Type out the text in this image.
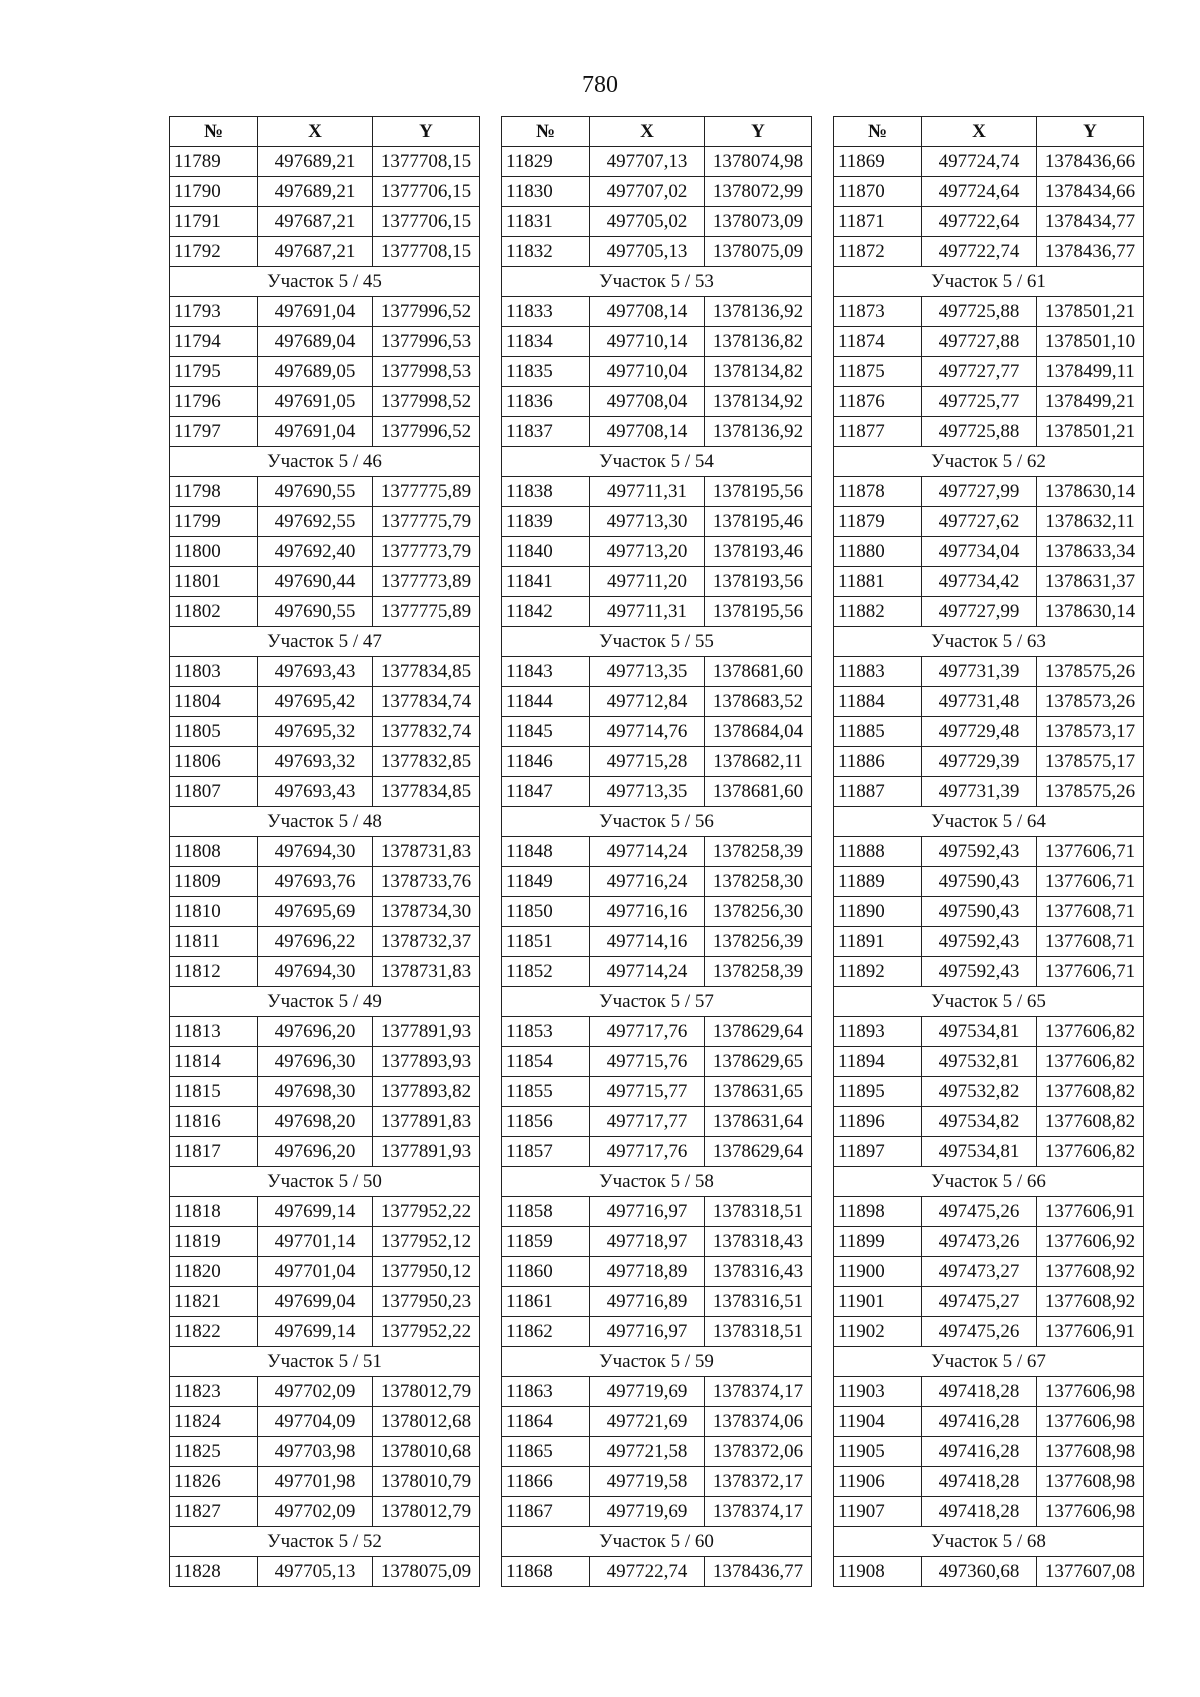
780
№	X	Y
11789	497689,21	1377708,15
11790	497689,21	1377706,15
11791	497687,21	1377706,15
11792	497687,21	1377708,15
Участок 5 / 45		
11793	497691,04	1377996,52
11794	497689,04	1377996,53
11795	497689,05	1377998,53
11796	497691,05	1377998,52
11797	497691,04	1377996,52
Участок 5 / 46		
11798	497690,55	1377775,89
11799	497692,55	1377775,79
11800	497692,40	1377773,79
11801	497690,44	1377773,89
11802	497690,55	1377775,89
Участок 5 / 47		
11803	497693,43	1377834,85
11804	497695,42	1377834,74
11805	497695,32	1377832,74
11806	497693,32	1377832,85
11807	497693,43	1377834,85
Участок 5 / 48		
11808	497694,30	1378731,83
11809	497693,76	1378733,76
11810	497695,69	1378734,30
11811	497696,22	1378732,37
11812	497694,30	1378731,83
Участок 5 / 49		
11813	497696,20	1377891,93
11814	497696,30	1377893,93
11815	497698,30	1377893,82
11816	497698,20	1377891,83
11817	497696,20	1377891,93
Участок 5 / 50		
11818	497699,14	1377952,22
11819	497701,14	1377952,12
11820	497701,04	1377950,12
11821	497699,04	1377950,23
11822	497699,14	1377952,22
Участок 5 / 51		
11823	497702,09	1378012,79
11824	497704,09	1378012,68
11825	497703,98	1378010,68
11826	497701,98	1378010,79
11827	497702,09	1378012,79
Участок 5 / 52		
11828	497705,13	1378075,09
№	X	Y
11829	497707,13	1378074,98
11830	497707,02	1378072,99
11831	497705,02	1378073,09
11832	497705,13	1378075,09
Участок 5 / 53		
11833	497708,14	1378136,92
11834	497710,14	1378136,82
11835	497710,04	1378134,82
11836	497708,04	1378134,92
11837	497708,14	1378136,92
Участок 5 / 54		
11838	497711,31	1378195,56
11839	497713,30	1378195,46
11840	497713,20	1378193,46
11841	497711,20	1378193,56
11842	497711,31	1378195,56
Участок 5 / 55		
11843	497713,35	1378681,60
11844	497712,84	1378683,52
11845	497714,76	1378684,04
11846	497715,28	1378682,11
11847	497713,35	1378681,60
Участок 5 / 56		
11848	497714,24	1378258,39
11849	497716,24	1378258,30
11850	497716,16	1378256,30
11851	497714,16	1378256,39
11852	497714,24	1378258,39
Участок 5 / 57		
11853	497717,76	1378629,64
11854	497715,76	1378629,65
11855	497715,77	1378631,65
11856	497717,77	1378631,64
11857	497717,76	1378629,64
Участок 5 / 58		
11858	497716,97	1378318,51
11859	497718,97	1378318,43
11860	497718,89	1378316,43
11861	497716,89	1378316,51
11862	497716,97	1378318,51
Участок 5 / 59		
11863	497719,69	1378374,17
11864	497721,69	1378374,06
11865	497721,58	1378372,06
11866	497719,58	1378372,17
11867	497719,69	1378374,17
Участок 5 / 60		
11868	497722,74	1378436,77
№	X	Y
11869	497724,74	1378436,66
11870	497724,64	1378434,66
11871	497722,64	1378434,77
11872	497722,74	1378436,77
Участок 5 / 61		
11873	497725,88	1378501,21
11874	497727,88	1378501,10
11875	497727,77	1378499,11
11876	497725,77	1378499,21
11877	497725,88	1378501,21
Участок 5 / 62		
11878	497727,99	1378630,14
11879	497727,62	1378632,11
11880	497734,04	1378633,34
11881	497734,42	1378631,37
11882	497727,99	1378630,14
Участок 5 / 63		
11883	497731,39	1378575,26
11884	497731,48	1378573,26
11885	497729,48	1378573,17
11886	497729,39	1378575,17
11887	497731,39	1378575,26
Участок 5 / 64		
11888	497592,43	1377606,71
11889	497590,43	1377606,71
11890	497590,43	1377608,71
11891	497592,43	1377608,71
11892	497592,43	1377606,71
Участок 5 / 65		
11893	497534,81	1377606,82
11894	497532,81	1377606,82
11895	497532,82	1377608,82
11896	497534,82	1377608,82
11897	497534,81	1377606,82
Участок 5 / 66		
11898	497475,26	1377606,91
11899	497473,26	1377606,92
11900	497473,27	1377608,92
11901	497475,27	1377608,92
11902	497475,26	1377606,91
Участок 5 / 67		
11903	497418,28	1377606,98
11904	497416,28	1377606,98
11905	497416,28	1377608,98
11906	497418,28	1377608,98
11907	497418,28	1377606,98
Участок 5 / 68		
11908	497360,68	1377607,08
